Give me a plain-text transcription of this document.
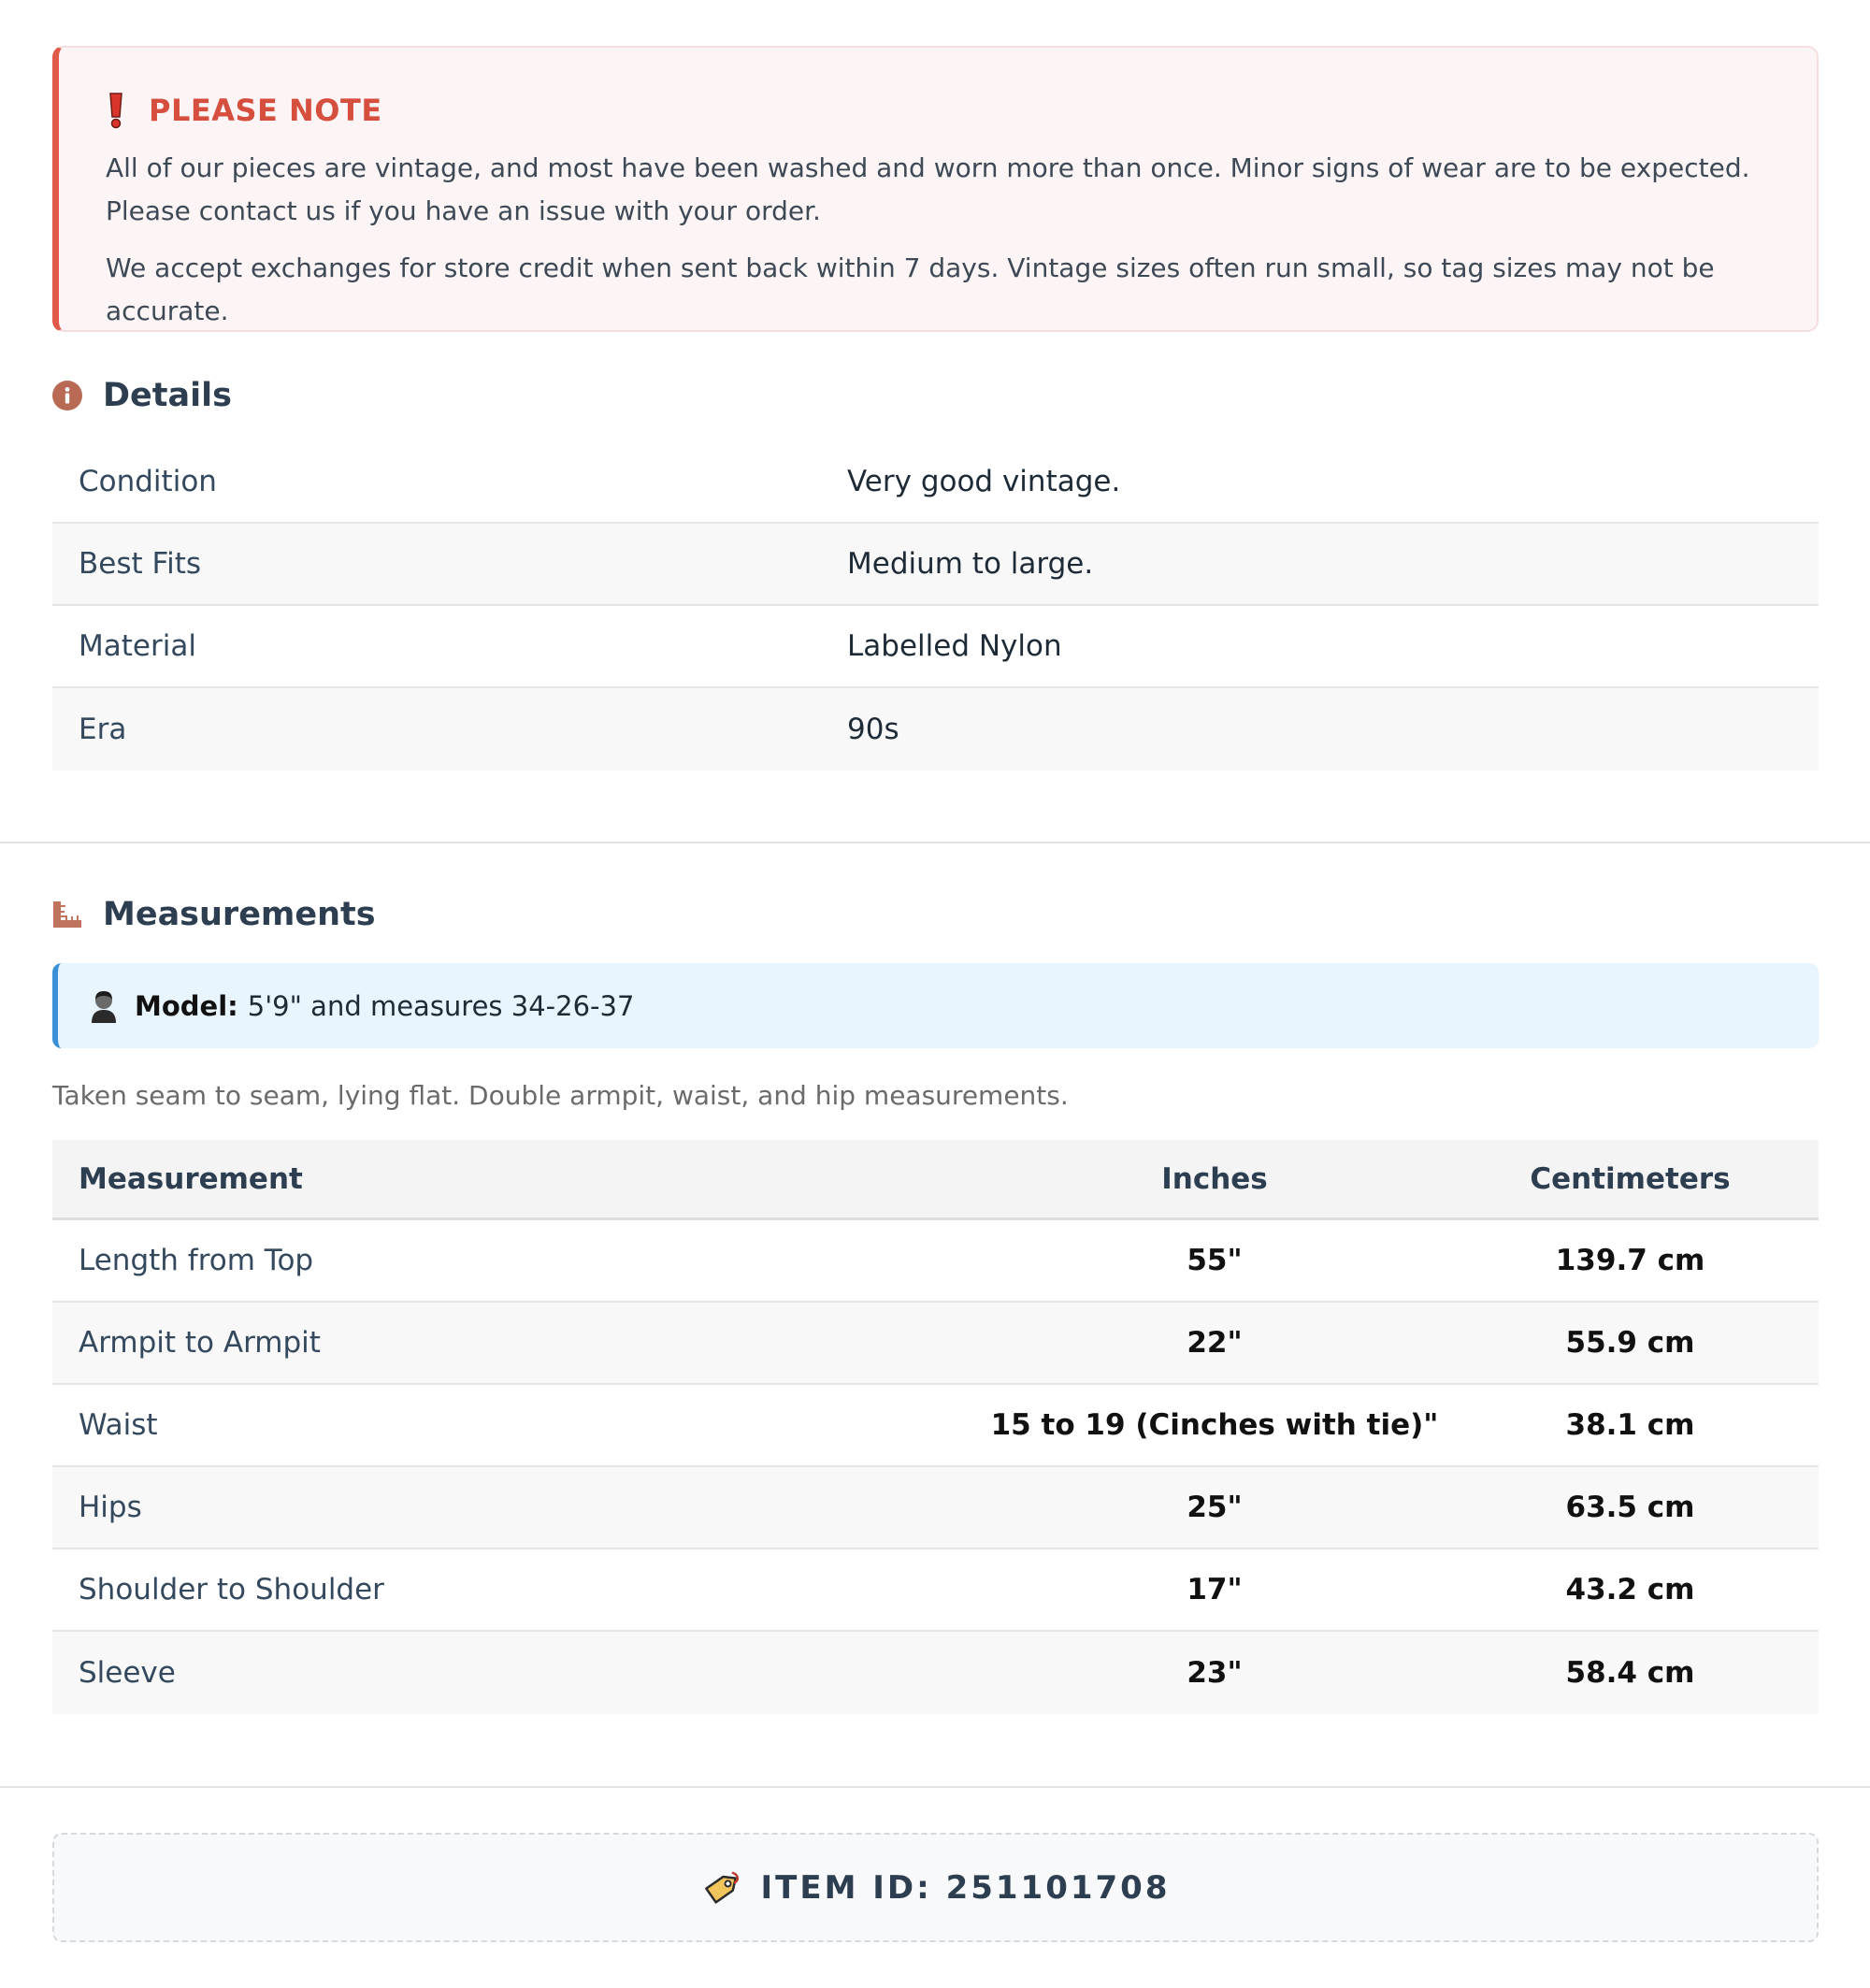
PLEASE NOTE

All of our pieces are vintage, and most have been washed and worn more than once. Minor signs of wear are to be expected. Please contact us if you have an issue with your order.

We accept exchanges for store credit when sent back within 7 days. Vintage sizes often run small, so tag sizes may not be accurate.

Details
Condition	Very good vintage.
Best Fits	Medium to large.
Material	Labelled Nylon
Era	90s
Measurements
Model: 5'9" and measures 34-26-37

Taken seam to seam, lying flat. Double armpit, waist, and hip measurements.

Measurement	Inches	Centimeters
Length from Top	55"	139.7 cm
Armpit to Armpit	22"	55.9 cm
Waist	15 to 19 (Cinches with tie)"	38.1 cm
Hips	25"	63.5 cm
Shoulder to Shoulder	17"	43.2 cm
Sleeve	23"	58.4 cm
ITEM ID: 251101708
